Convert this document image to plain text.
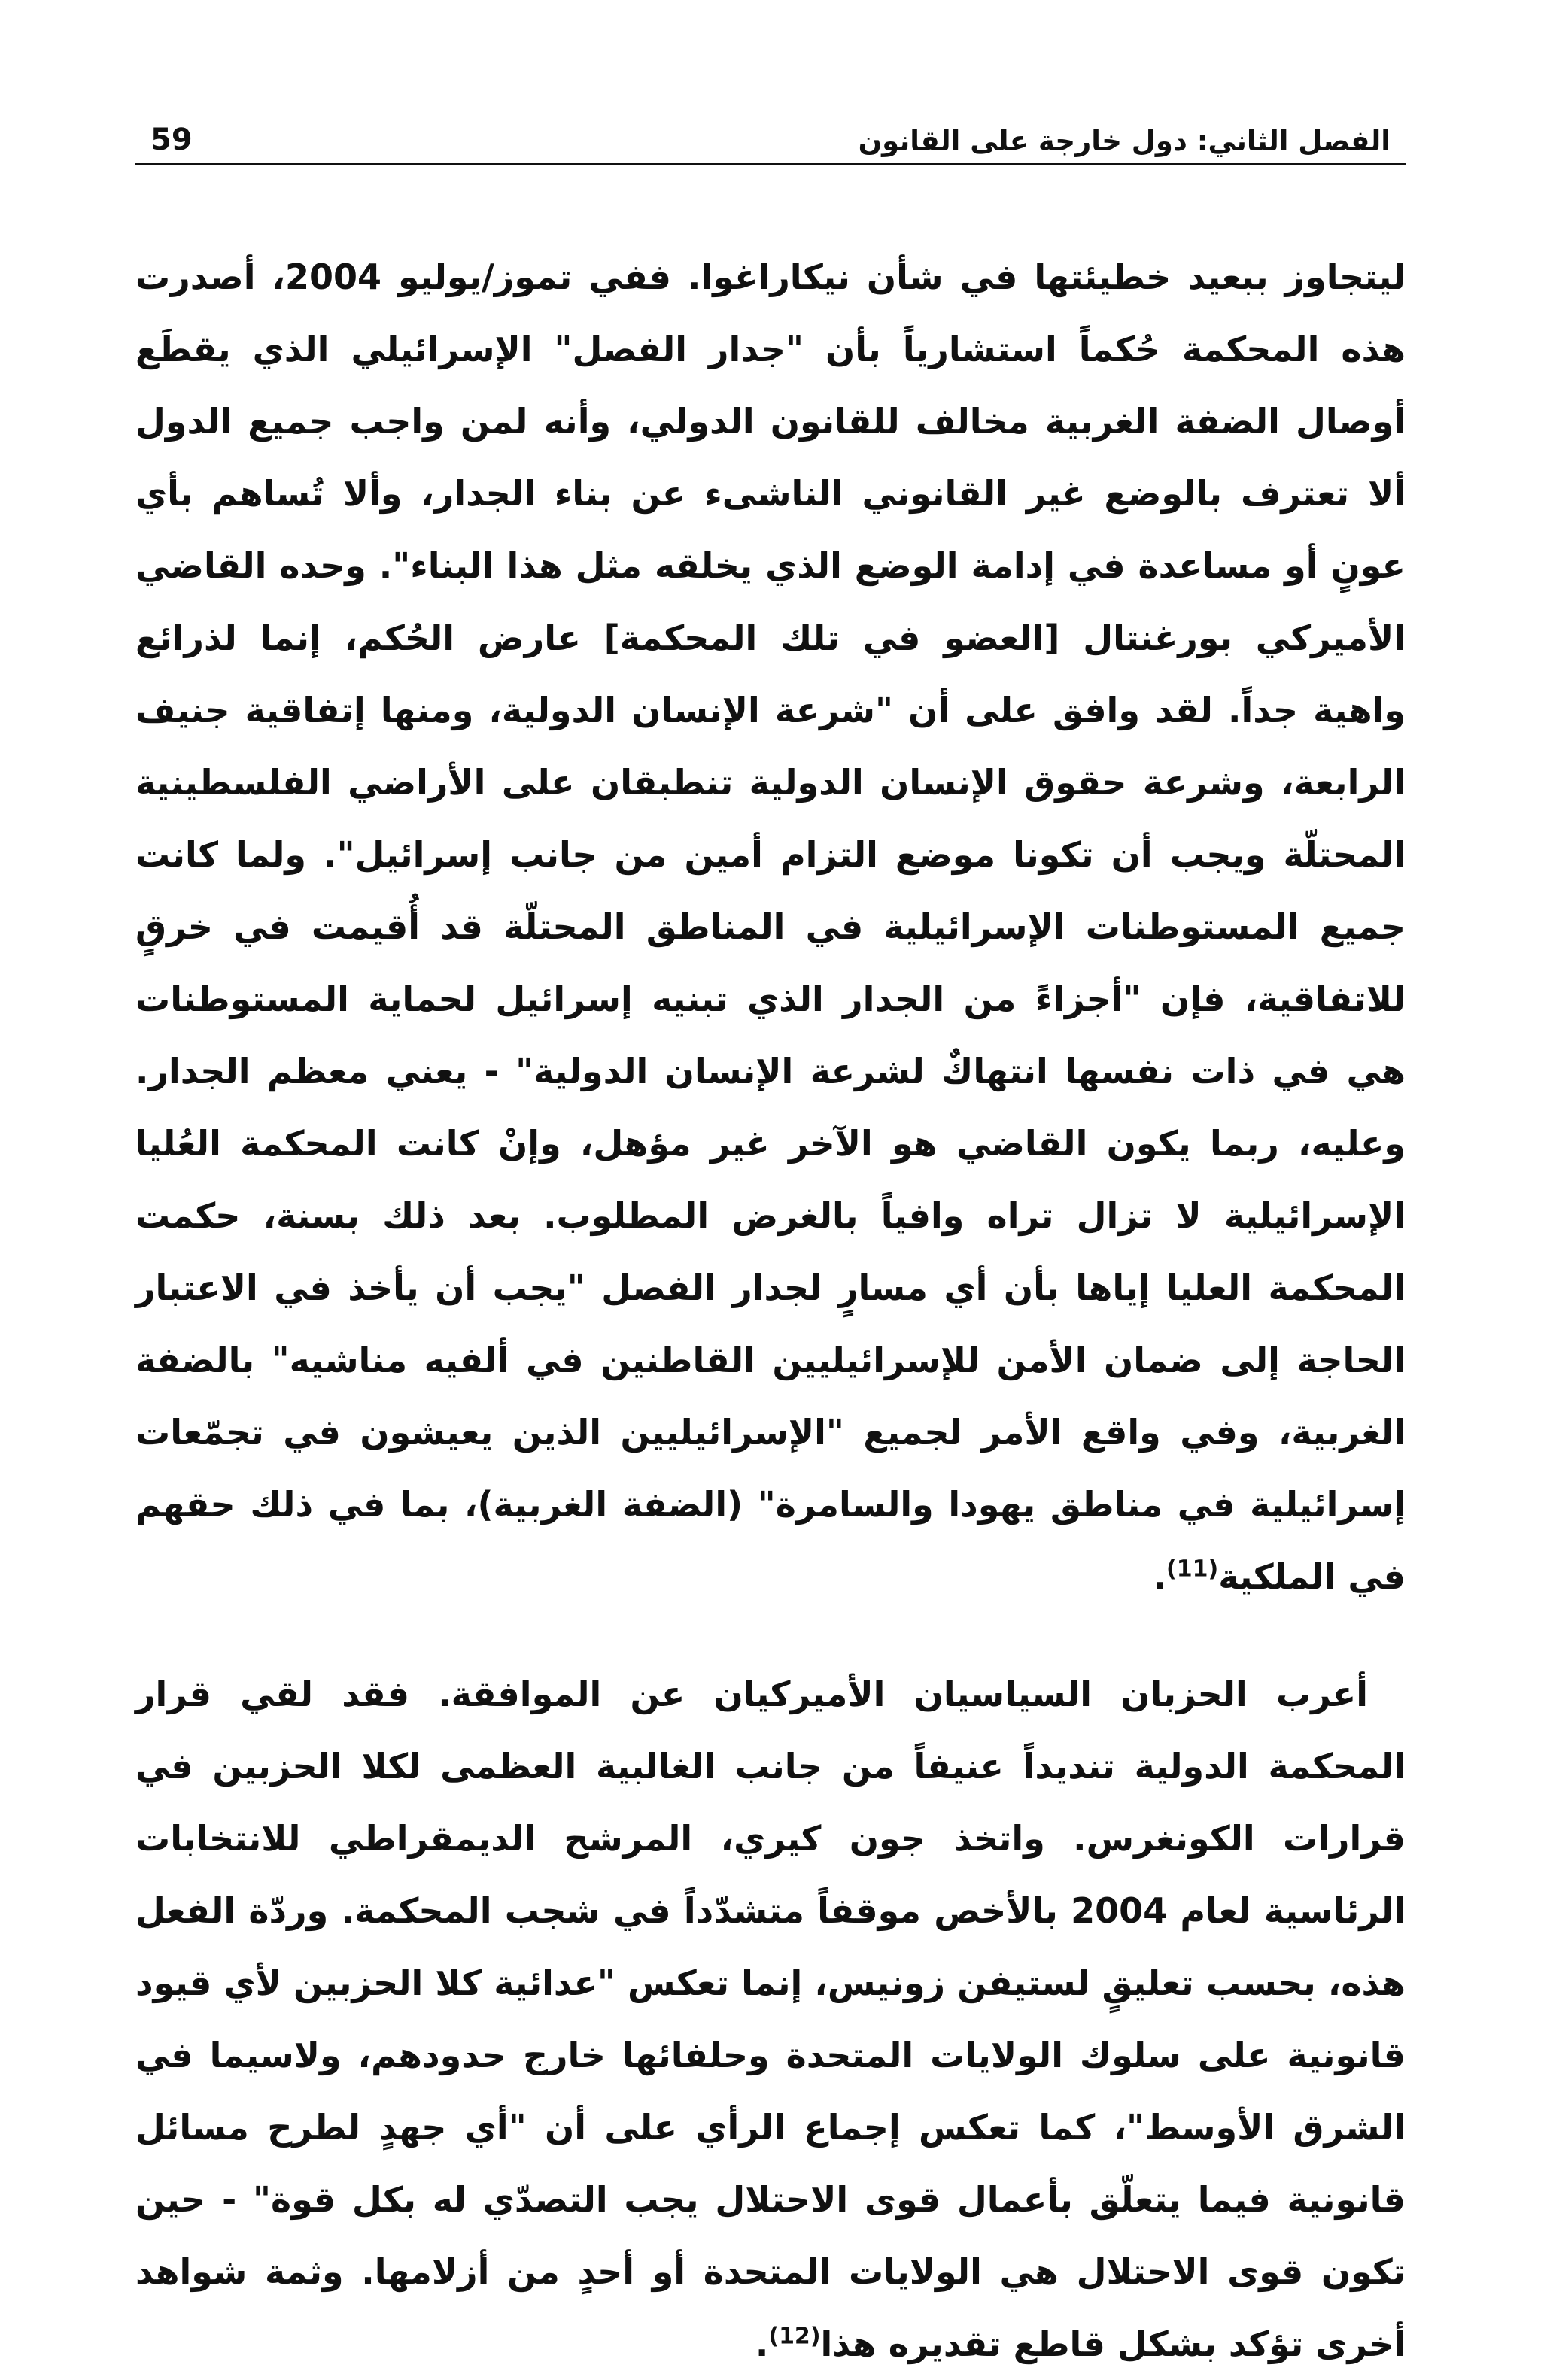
الفصل الثاني: دول خارجة على القانون
59

ليتجاوز ببعيد خطيئتها في شأن نيكاراغوا. ففي تموز/يوليو 2004، أصدرت هذه المحكمة حُكماً استشارياً بأن "جدار الفصل" الإسرائيلي الذي يقطَع أوصال الضفة الغربية مخالف للقانون الدولي، وأنه لمن واجب جميع الدول ألا تعترف بالوضع غير القانوني الناشىء عن بناء الجدار، وألا تُساهم بأي عونٍ أو مساعدة في إدامة الوضع الذي يخلقه مثل هذا البناء". وحده القاضي الأميركي بورغنتال [العضو في تلك المحكمة] عارض الحُكم، إنما لذرائع واهية جداً. لقد وافق على أن "شرعة الإنسان الدولية، ومنها إتفاقية جنيف الرابعة، وشرعة حقوق الإنسان الدولية تنطبقان على الأراضي الفلسطينية المحتلّة ويجب أن تكونا موضع التزام أمين من جانب إسرائيل". ولما كانت جميع المستوطنات الإسرائيلية في المناطق المحتلّة قد أُقيمت في خرقٍ للاتفاقية، فإن "أجزاءً من الجدار الذي تبنيه إسرائيل لحماية المستوطنات هي في ذات نفسها انتهاكٌ لشرعة الإنسان الدولية" - يعني معظم الجدار. وعليه، ربما يكون القاضي هو الآخر غير مؤهل، وإنْ كانت المحكمة العُليا الإسرائيلية لا تزال تراه وافياً بالغرض المطلوب. بعد ذلك بسنة، حكمت المحكمة العليا إياها بأن أي مسارٍ لجدار الفصل "يجب أن يأخذ في الاعتبار الحاجة إلى ضمان الأمن للإسرائيليين القاطنين في ألفيه مناشيه" بالضفة الغربية، وفي واقع الأمر لجميع "الإسرائيليين الذين يعيشون في تجمّعات إسرائيلية في مناطق يهودا والسامرة" (الضفة الغربية)، بما في ذلك حقهم في الملكية$^{(11)}$.

أعرب الحزبان السياسيان الأميركيان عن الموافقة. فقد لقي قرار المحكمة الدولية تنديداً عنيفاً من جانب الغالبية العظمى لكلا الحزبين في قرارات الكونغرس. واتخذ جون كيري، المرشح الديمقراطي للانتخابات الرئاسية لعام 2004 بالأخص موقفاً متشدّداً في شجب المحكمة. وردّة الفعل هذه، بحسب تعليقٍ لستيفن زونيس، إنما تعكس "عدائية كلا الحزبين لأي قيود قانونية على سلوك الولايات المتحدة وحلفائها خارج حدودهم، ولاسيما في الشرق الأوسط"، كما تعكس إجماع الرأي على أن "أي جهدٍ لطرح مسائل قانونية فيما يتعلّق بأعمال قوى الاحتلال يجب التصدّي له بكل قوة" - حين تكون قوى الاحتلال هي الولايات المتحدة أو أحدٍ من أزلامها. وثمة شواهد أخرى تؤكد بشكل قاطع تقديره هذا$^{(12)}$.
